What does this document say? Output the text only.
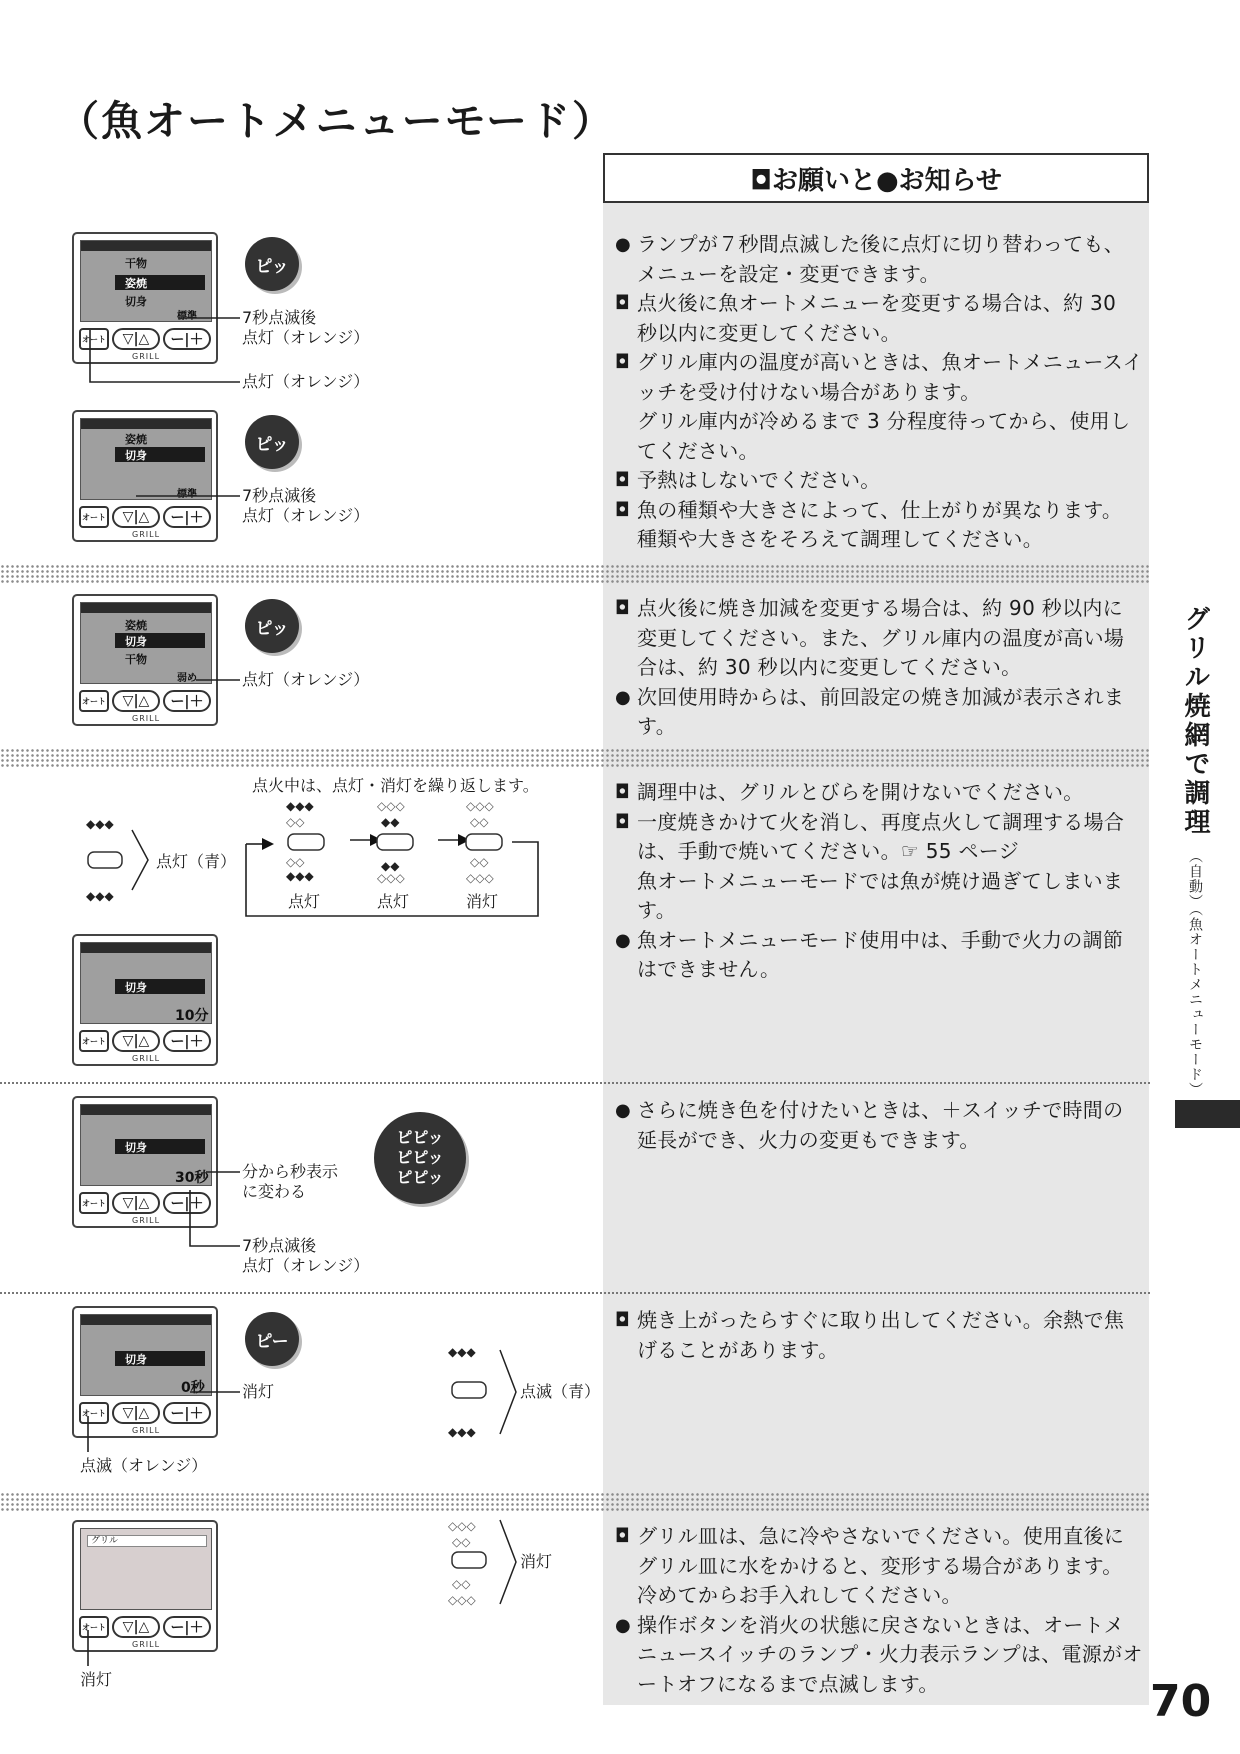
（魚オートメニューモード）
◘お願いと●お知らせ
グリル焼網で調理 （自動）（魚オートメニューモード）
70

● ランプが７秒間点滅した後に点灯に切り替わっても、メニューを設定・変更できます。

◘ 点火後に魚オートメニューを変更する場合は、約 30 秒以内に変更してください。

◘ グリル庫内の温度が高いときは、魚オートメニュースイッチを受け付けない場合があります。

グリル庫内が冷めるまで 3 分程度待ってから、使用してください。

◘ 予熱はしないでください。

◘ 魚の種類や大きさによって、仕上がりが異なります。

種類や大きさをそろえて調理してください。

◘ 点火後に焼き加減を変更する場合は、約 90 秒以内に変更してください。また、グリル庫内の温度が高い場合は、約 30 秒以内に変更してください。

● 次回使用時からは、前回設定の焼き加減が表示されます。

◘ 調理中は、グリルとびらを開けないでください。

◘ 一度焼きかけて火を消し、再度点火して調理する場合は、手動で焼いてください。☞ 55 ページ

魚オートメニューモードでは魚が焼け過ぎてしまいます。

● 魚オートメニューモード使用中は、手動で火力の調節はできません。

● さらに焼き色を付けたいときは、＋スイッチで時間の延長ができ、火力の変更もできます。

◘ 焼き上がったらすぐに取り出してください。余熱で焦げることがあります。

◘ グリル皿は、急に冷やさないでください。使用直後にグリル皿に水をかけると、変形する場合があります。

冷めてからお手入れしてください。

● 操作ボタンを消火の状態に戻さないときは、オートメニュースイッチのランプ・火力表示ランプは、電源がオートオフになるまで点滅します。

干物
姿焼
切身
標準
オート ▽|△ ー|＋
GRILL
ピッ
7秒点滅後
点灯（オレンジ）
点灯（オレンジ）
姿焼
切身
標準
オート ▽|△ ー|＋
GRILL
ピッ
7秒点滅後
点灯（オレンジ）
姿焼
切身
干物
弱め
オート ▽|△ ー|＋
GRILL
ピッ
点灯（オレンジ）
点火中は、点灯・消灯を繰り返します。
点灯（青）
点灯	点灯	消灯
切身
10分
オート ▽|△ ー|＋
GRILL
切身
30秒
オート ▽|△ ー|＋
GRILL
ピピッ
ピピッ
ピピッ
分から秒表示
に変わる
7秒点滅後
点灯（オレンジ）
切身
0秒
オート ▽|△ ー|＋
GRILL
ピー
消灯
点滅（オレンジ）
点滅（青）
グリル
オート ▽|△ ー|＋
GRILL
消灯
消灯
◆◆◆
◆◆◆
◆◆
◆◆
◆◆◆
◆◆◆
◆◆◆
◆◆◆
◇◇
◇◇
◇◇◇
◇◇◇
◇◇◇
◇◇
◇◇
◇◇◇
◇◇◇
◇◇
◇◇
◇◇◇
